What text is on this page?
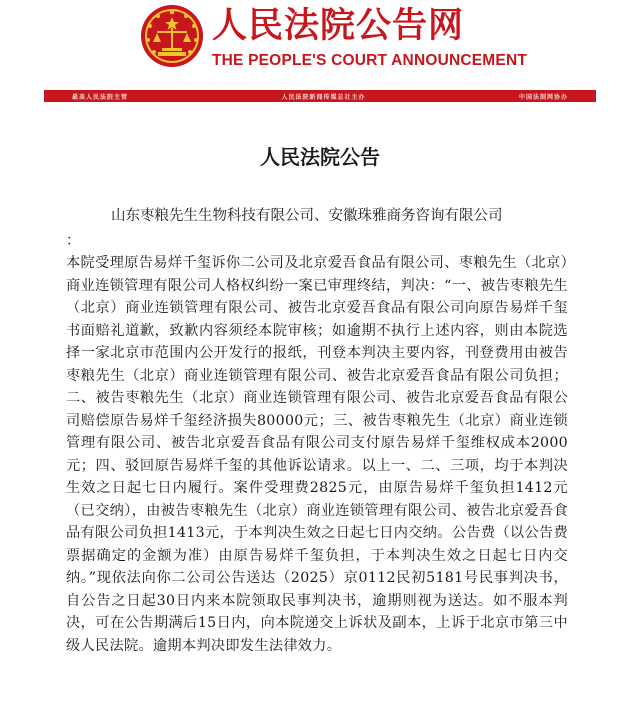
人民法院公告网
THE PEOPLE'S COURT ANNOUNCEMENT
最高人民法院主管	人民法院新闻传媒总社主办	中国法制网协办
人民法院公告
山东枣粮先生生物科技有限公司、安徽珠雅商务咨询有限公司
：
本院受理原告易烊千玺诉你二公司及北京爱吾食品有限公司、枣粮先生（北京）商业连锁管理有限公司人格权纠纷一案已审理终结，判决：“一、被告枣粮先生（北京）商业连锁管理有限公司、被告北京爱吾食品有限公司向原告易烊千玺书面赔礼道歉，致歉内容须经本院审核；如逾期不执行上述内容，则由本院选择一家北京市范围内公开发行的报纸，刊登本判决主要内容，刊登费用由被告枣粮先生（北京）商业连锁管理有限公司、被告北京爱吾食品有限公司负担；二、被告枣粮先生（北京）商业连锁管理有限公司、被告北京爱吾食品有限公司赔偿原告易烊千玺经济损失80000元；三、被告枣粮先生（北京）商业连锁管理有限公司、被告北京爱吾食品有限公司支付原告易烊千玺维权成本2000元；四、驳回原告易烊千玺的其他诉讼请求。以上一、二、三项，均于本判决生效之日起七日内履行。案件受理费2825元，由原告易烊千玺负担1412元（已交纳），由被告枣粮先生（北京）商业连锁管理有限公司、被告北京爱吾食品有限公司负担1413元，于本判决生效之日起七日内交纳。公告费（以公告费票据确定的金额为准）由原告易烊千玺负担，于本判决生效之日起七日内交纳。”现依法向你二公司公告送达（2025）京0112民初5181号民事判决书，自公告之日起30日内来本院领取民事判决书，逾期则视为送达。如不服本判决，可在公告期满后15日内，向本院递交上诉状及副本，上诉于北京市第三中级人民法院。逾期本判决即发生法律效力。
